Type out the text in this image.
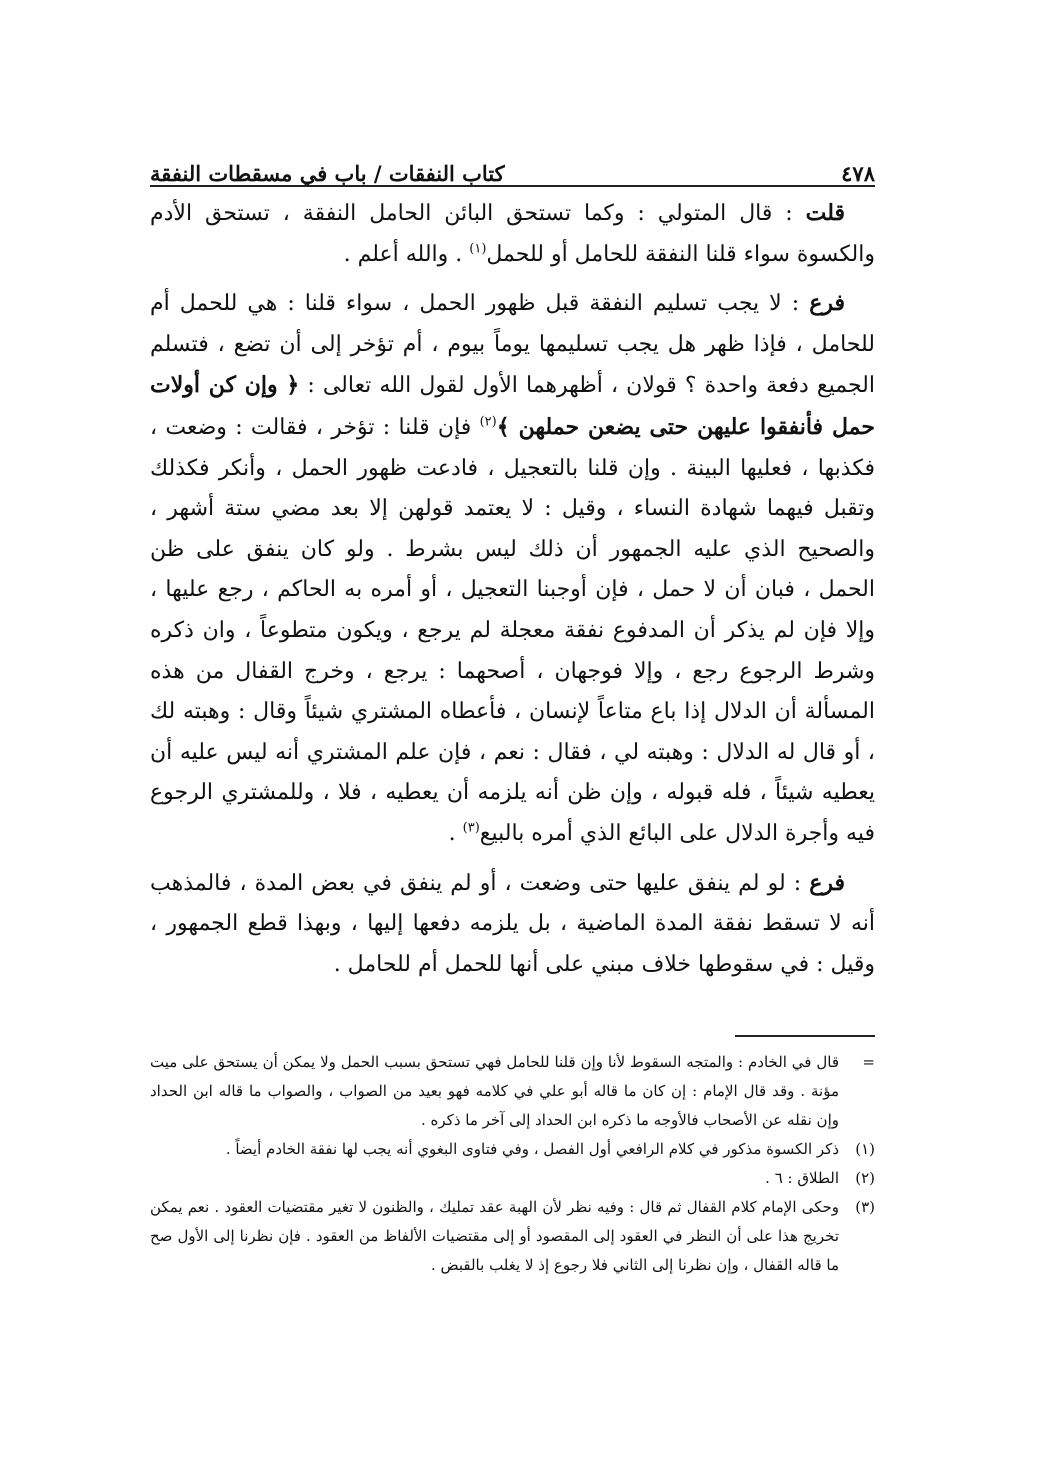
كتاب النفقات / باب في مسقطات النفقة	٤٧٨

قلت : قال المتولي : وكما تستحق البائن الحامل النفقة ، تستحق الأدم والكسوة سواء قلنا النفقة للحامل أو للحمل$^{(١)}$ . والله أعلم .

فرع : لا يجب تسليم النفقة قبل ظهور الحمل ، سواء قلنا : هي للحمل أم للحامل ، فإذا ظهر هل يجب تسليمها يوماً بيوم ، أم تؤخر إلى أن تضع ، فتسلم الجميع دفعة واحدة ؟ قولان ، أظهرهما الأول لقول الله تعالى : ﴿ وإن كن أولات حمل فأنفقوا عليهن حتى يضعن حملهن ﴾$^{(٢)}$ فإن قلنا : تؤخر ، فقالت : وضعت ، فكذبها ، فعليها البينة . وإن قلنا بالتعجيل ، فادعت ظهور الحمل ، وأنكر فكذلك وتقبل فيهما شهادة النساء ، وقيل : لا يعتمد قولهن إلا بعد مضي ستة أشهر ، والصحيح الذي عليه الجمهور أن ذلك ليس بشرط . ولو كان ينفق على ظن الحمل ، فبان أن لا حمل ، فإن أوجبنا التعجيل ، أو أمره به الحاكم ، رجع عليها ، وإلا فإن لم يذكر أن المدفوع نفقة معجلة لم يرجع ، ويكون متطوعاً ، وان ذكره وشرط الرجوع رجع ، وإلا فوجهان ، أصحهما : يرجع ، وخرج القفال من هذه المسألة أن الدلال إذا باع متاعاً لإنسان ، فأعطاه المشتري شيئاً وقال : وهبته لك ، أو قال له الدلال : وهبته لي ، فقال : نعم ، فإن علم المشتري أنه ليس عليه أن يعطيه شيئاً ، فله قبوله ، وإن ظن أنه يلزمه أن يعطيه ، فلا ، وللمشتري الرجوع فيه وأجرة الدلال على البائع الذي أمره بالبيع$^{(٣)}$ .

فرع : لو لم ينفق عليها حتى وضعت ، أو لم ينفق في بعض المدة ، فالمذهب أنه لا تسقط نفقة المدة الماضية ، بل يلزمه دفعها إليها ، وبهذا قطع الجمهور ، وقيل : في سقوطها خلاف مبني على أنها للحمل أم للحامل .

=
قال في الخادم : والمتجه السقوط لأنا وإن قلنا للحامل فهي تستحق بسبب الحمل ولا يمكن أن يستحق على ميت مؤنة . وقد قال الإمام : إن كان ما قاله أبو علي في كلامه فهو بعيد من الصواب ، والصواب ما قاله ابن الحداد وإن نقله عن الأصحاب فالأوجه ما ذكره ابن الحداد إلى آخر ما ذكره .
(١)
ذكر الكسوة مذكور في كلام الرافعي أول الفصل ، وفي فتاوى البغوي أنه يجب لها نفقة الخادم أيضاً .
(٢)
الطلاق : ٦ .
(٣)
وحكى الإمام كلام القفال ثم قال : وفيه نظر لأن الهبة عقد تمليك ، والظنون لا تغير مقتضيات العقود . نعم يمكن تخريج هذا على أن النظر في العقود إلى المقصود أو إلى مقتضيات الألفاظ من العقود . فإن نظرنا إلى الأول صح ما قاله القفال ، وإن نظرنا إلى الثاني فلا رجوع إذ لا يغلب بالقبض .
